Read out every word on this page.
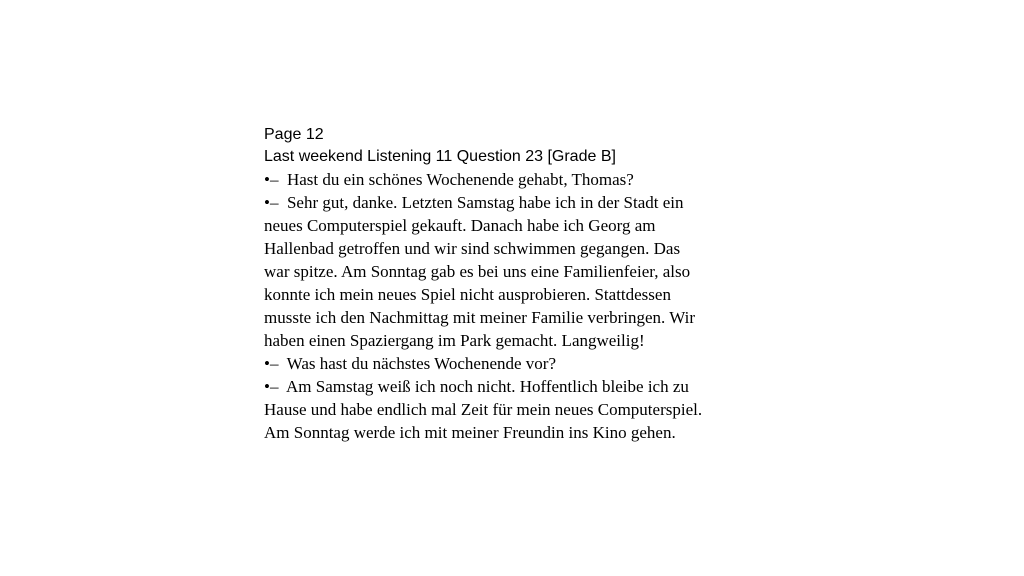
Page 12
Last weekend Listening 11 Question 23 [Grade B]
•– Hast du ein schönes Wochenende gehabt, Thomas?
•– Sehr gut, danke. Letzten Samstag habe ich in der Stadt ein
neues Computerspiel gekauft. Danach habe ich Georg am
Hallenbad getroffen und wir sind schwimmen gegangen. Das
war spitze. Am Sonntag gab es bei uns eine Familienfeier, also
konnte ich mein neues Spiel nicht ausprobieren. Stattdessen
musste ich den Nachmittag mit meiner Familie verbringen. Wir
haben einen Spaziergang im Park gemacht. Langweilig!
•– Was hast du nächstes Wochenende vor?
•– Am Samstag weiß ich noch nicht. Hoffentlich bleibe ich zu
Hause und habe endlich mal Zeit für mein neues Computerspiel.
Am Sonntag werde ich mit meiner Freundin ins Kino gehen.
